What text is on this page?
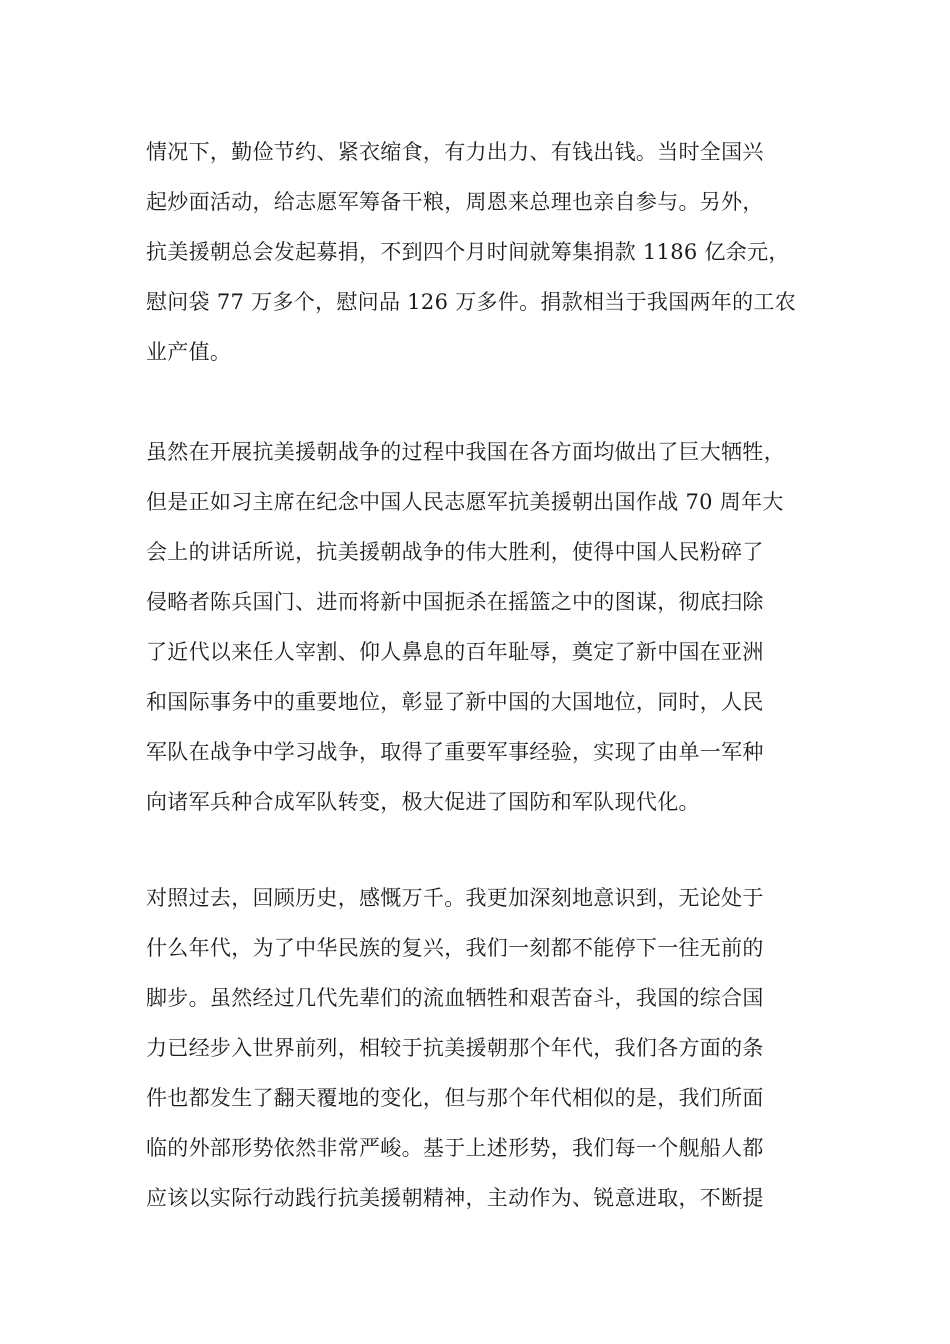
情况下，勤俭节约、紧衣缩食，有力出力、有钱出钱。当时全国兴
起炒面活动，给志愿军筹备干粮，周恩来总理也亲自参与。另外，
抗美援朝总会发起募捐，不到四个月时间就筹集捐款 1186 亿余元，
慰问袋 77 万多个，慰问品 126 万多件。捐款相当于我国两年的工农
业产值。
虽然在开展抗美援朝战争的过程中我国在各方面均做出了巨大牺牲，
但是正如习主席在纪念中国人民志愿军抗美援朝出国作战 70 周年大
会上的讲话所说，抗美援朝战争的伟大胜利，使得中国人民粉碎了
侵略者陈兵国门、进而将新中国扼杀在摇篮之中的图谋，彻底扫除
了近代以来任人宰割、仰人鼻息的百年耻辱，奠定了新中国在亚洲
和国际事务中的重要地位，彰显了新中国的大国地位，同时，人民
军队在战争中学习战争，取得了重要军事经验，实现了由单一军种
向诸军兵种合成军队转变，极大促进了国防和军队现代化。
对照过去，回顾历史，感慨万千。我更加深刻地意识到，无论处于
什么年代，为了中华民族的复兴，我们一刻都不能停下一往无前的
脚步。虽然经过几代先辈们的流血牺牲和艰苦奋斗，我国的综合国
力已经步入世界前列，相较于抗美援朝那个年代，我们各方面的条
件也都发生了翻天覆地的变化，但与那个年代相似的是，我们所面
临的外部形势依然非常严峻。基于上述形势，我们每一个舰船人都
应该以实际行动践行抗美援朝精神，主动作为、锐意进取，不断提
